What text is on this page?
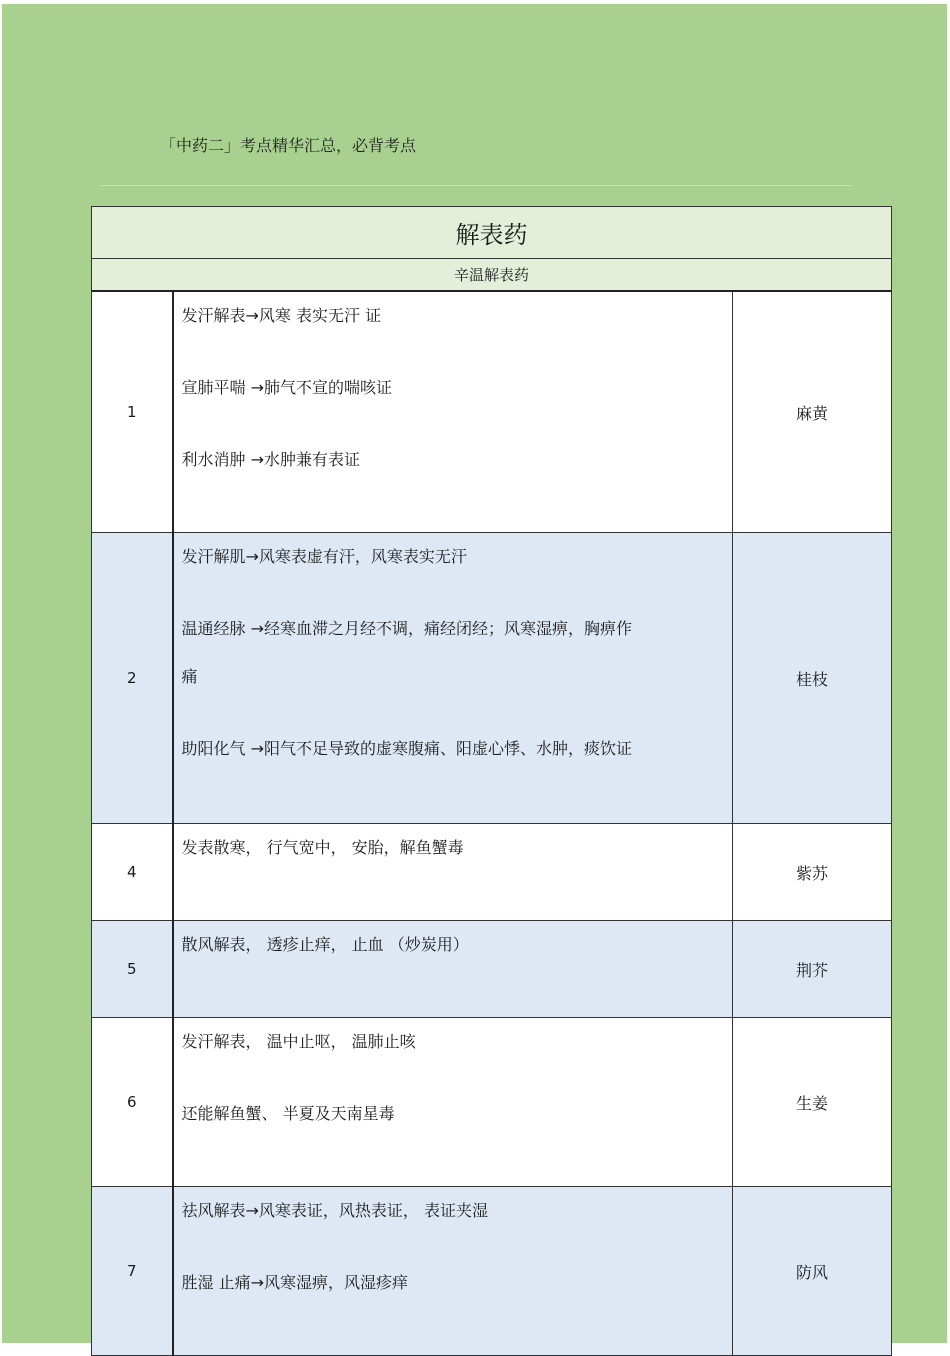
「中药二」考点精华汇总，必背考点
解表药		
辛温解表药		
1	发汗解表→风寒 表实无汗 证

宣肺平喘 →肺气不宣的喘咳证

利水消肿 →水肿兼有表证	麻黄
2	发汗解肌→风寒表虚有汗，风寒表实无汗

温通经脉 →经寒血滞之月经不调，痛经闭经；风寒湿痹，胸痹作

痛

助阳化气 →阳气不足导致的虚寒腹痛、阳虚心悸、水肿，痰饮证	桂枝
4	发表散寒， 行气宽中， 安胎，解鱼蟹毒	紫苏
5	散风解表， 透疹止痒， 止血 （炒炭用）	荆芥
6	发汗解表， 温中止呕， 温肺止咳

还能解鱼蟹、 半夏及天南星毒	生姜
7	祛风解表→风寒表证，风热表证， 表证夹湿

胜湿 止痛→风寒湿痹，风湿疹痒	防风
